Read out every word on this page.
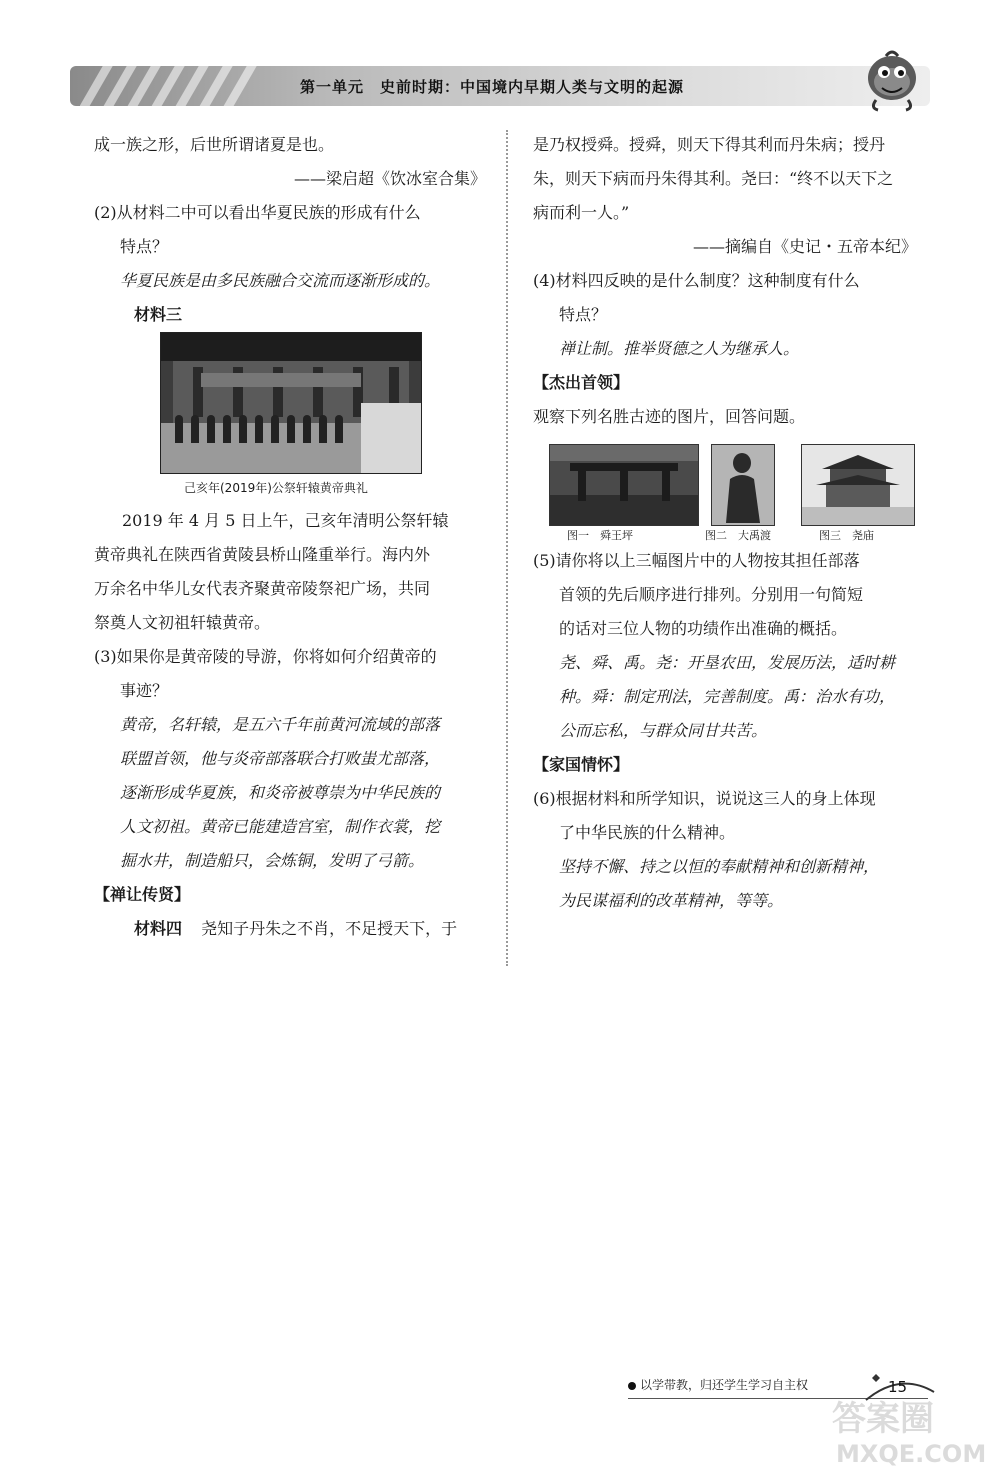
第一单元　史前时期：中国境内早期人类与文明的起源
成一族之形，后世所谓诸夏是也。
——梁启超《饮冰室合集》
(2)从材料二中可以看出华夏民族的形成有什么
特点？
华夏民族是由多民族融合交流而逐渐形成的。
材料三
己亥年(2019年)公祭轩辕黄帝典礼
2019 年 4 月 5 日上午，己亥年清明公祭轩辕
黄帝典礼在陕西省黄陵县桥山隆重举行。海内外
万余名中华儿女代表齐聚黄帝陵祭祀广场，共同
祭奠人文初祖轩辕黄帝。
(3)如果你是黄帝陵的导游，你将如何介绍黄帝的
事迹？
黄帝，名轩辕，是五六千年前黄河流域的部落
联盟首领，他与炎帝部落联合打败蚩尤部落，
逐渐形成华夏族，和炎帝被尊崇为中华民族的
人文初祖。黄帝已能建造宫室，制作衣裳，挖
掘水井，制造船只，会炼铜，发明了弓箭。
【禅让传贤】
材料四 尧知子丹朱之不肖，不足授天下，于
是乃权授舜。授舜，则天下得其利而丹朱病；授丹
朱，则天下病而丹朱得其利。尧曰：“终不以天下之
病而利一人。”
——摘编自《史记・五帝本纪》
(4)材料四反映的是什么制度？这种制度有什么
特点？
禅让制。推举贤德之人为继承人。
【杰出首领】
观察下列名胜古迹的图片，回答问题。
图一　舜王坪	图二　大禹渡	图三　尧庙
(5)请你将以上三幅图片中的人物按其担任部落
首领的先后顺序进行排列。分别用一句简短
的话对三位人物的功绩作出准确的概括。
尧、舜、禹。尧：开垦农田，发展历法，适时耕
种。舜：制定刑法，完善制度。禹：治水有功，
公而忘私，与群众同甘共苦。
【家国情怀】
(6)根据材料和所学知识，说说这三人的身上体现
了中华民族的什么精神。
坚持不懈、持之以恒的奉献精神和创新精神，
为民谋福利的改革精神，等等。
以学带教，归还学生学习自主权	15
答案圈
MXQE.COM
